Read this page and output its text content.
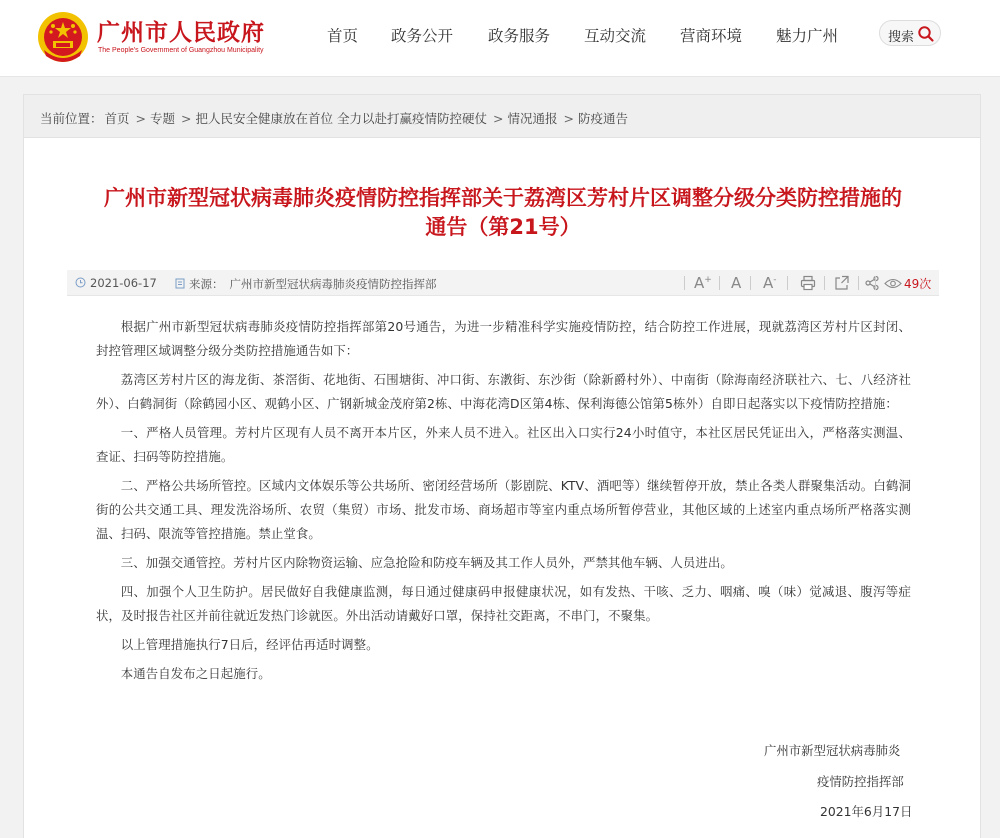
广州市人民政府
The People's Government of Guangzhou Municipality
首页 政务公开 政务服务 互动交流 营商环境 魅力广州	搜索
当前位置： 首页 > 专题 > 把人民安全健康放在首位 全力以赴打赢疫情防控硬仗 > 情况通报 > 防疫通告
广州市新型冠状病毒肺炎疫情防控指挥部关于荔湾区芳村片区调整分级分类防控措施的
通告（第21号）
2021-06-17	来源： 广州市新型冠状病毒肺炎疫情防控指挥部	A+ A A-	49次

根据广州市新型冠状病毒肺炎疫情防控指挥部第20号通告，为进一步精准科学实施疫情防控，结合防控工作进展，现就荔湾区芳村片区封闭、封控管理区域调整分级分类防控措施通告如下：

荔湾区芳村片区的海龙街、茶滘街、花地街、石围塘街、冲口街、东漖街、东沙街（除新爵村外）、中南街（除海南经济联社六、七、八经济社外）、白鹤洞街（除鹤园小区、观鹤小区、广钢新城金茂府第2栋、中海花湾D区第4栋、保利海德公馆第5栋外）自即日起落实以下疫情防控措施：

一、严格人员管理。芳村片区现有人员不离开本片区，外来人员不进入。社区出入口实行24小时值守，本社区居民凭证出入，严格落实测温、查证、扫码等防控措施。

二、严格公共场所管控。区域内文体娱乐等公共场所、密闭经营场所（影剧院、KTV、酒吧等）继续暂停开放，禁止各类人群聚集活动。白鹤洞街的公共交通工具、理发洗浴场所、农贸（集贸）市场、批发市场、商场超市等室内重点场所暂停营业，其他区域的上述室内重点场所严格落实测温、扫码、限流等管控措施。禁止堂食。

三、加强交通管控。芳村片区内除物资运输、应急抢险和防疫车辆及其工作人员外，严禁其他车辆、人员进出。

四、加强个人卫生防护。居民做好自我健康监测，每日通过健康码申报健康状况，如有发热、干咳、乏力、咽痛、嗅（味）觉减退、腹泻等症状，及时报告社区并前往就近发热门诊就医。外出活动请戴好口罩，保持社交距离，不串门，不聚集。

以上管理措施执行7日后，经评估再适时调整。

本通告自发布之日起施行。

广州市新型冠状病毒肺炎
疫情防控指挥部
2021年6月17日
